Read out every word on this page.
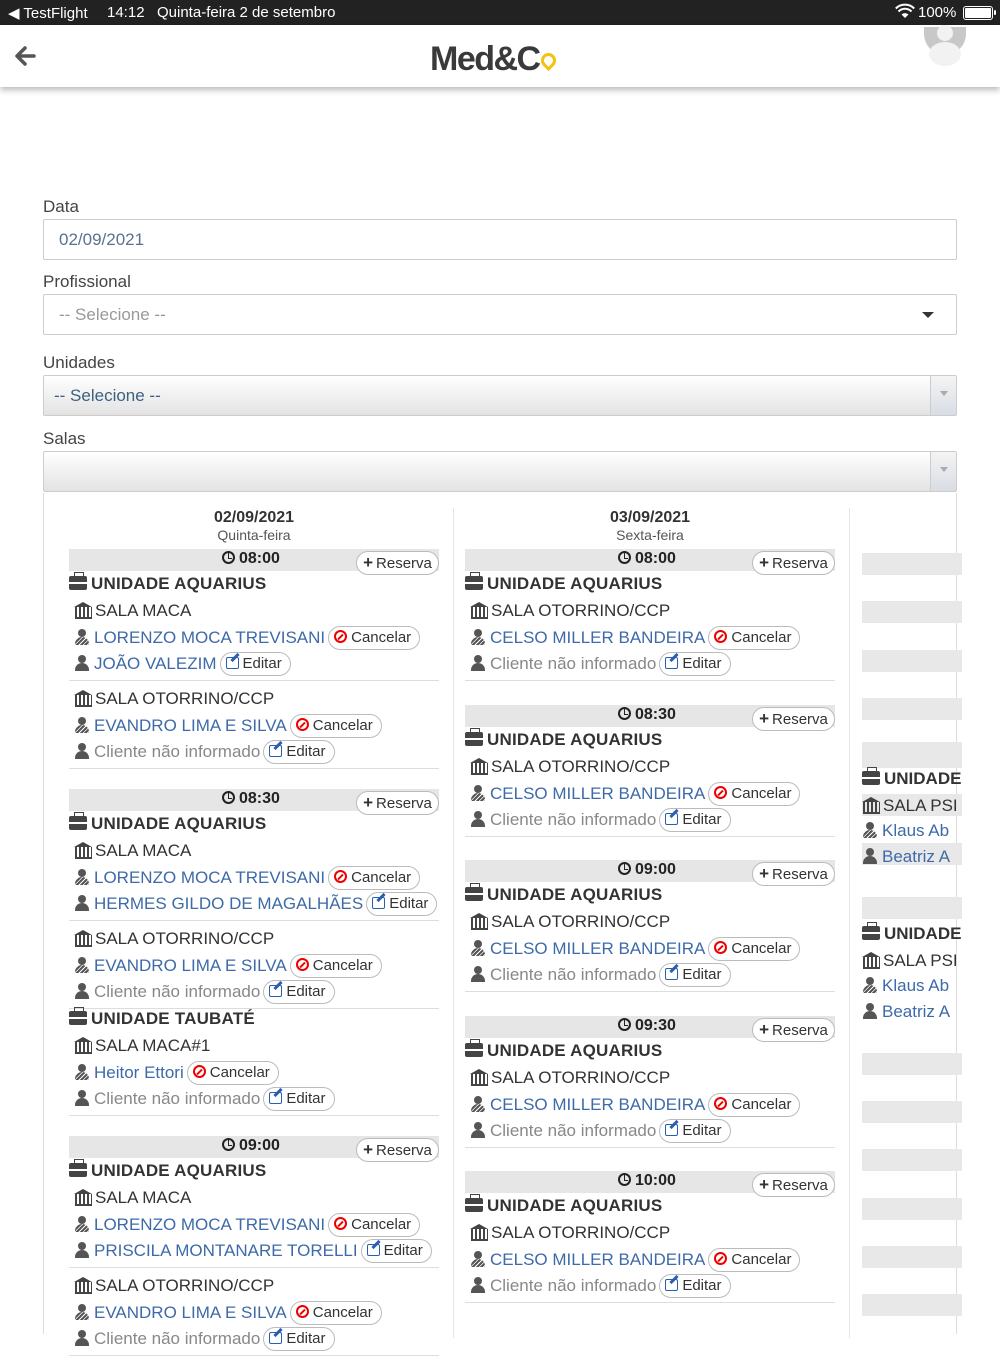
◀ TestFlight 14:12 Quinta-feira 2 de setembro	100%
Med&C
Data
02/09/2021
Profissional
-- Selecione --
Unidades
-- Selecione --
Salas
02/09/2021
Quinta-feira
08:00	+ Reserva
UNIDADE AQUARIUS
SALA MACA
LORENZO MOCA TREVISANI Cancelar
JOÃO VALEZIM Editar
SALA OTORRINO/CCP
EVANDRO LIMA E SILVA Cancelar
Cliente não informado Editar
08:30	+ Reserva
UNIDADE AQUARIUS
SALA MACA
LORENZO MOCA TREVISANI Cancelar
HERMES GILDO DE MAGALHÃES Editar
SALA OTORRINO/CCP
EVANDRO LIMA E SILVA Cancelar
Cliente não informado Editar
UNIDADE TAUBATÉ
SALA MACA#1
Heitor Ettori Cancelar
Cliente não informado Editar
09:00	+ Reserva
UNIDADE AQUARIUS
SALA MACA
LORENZO MOCA TREVISANI Cancelar
PRISCILA MONTANARE TORELLI Editar
SALA OTORRINO/CCP
EVANDRO LIMA E SILVA Cancelar
Cliente não informado Editar
03/09/2021
Sexta-feira
08:00	+ Reserva
UNIDADE AQUARIUS
SALA OTORRINO/CCP
CELSO MILLER BANDEIRA Cancelar
Cliente não informado Editar
08:30	+ Reserva
UNIDADE AQUARIUS
SALA OTORRINO/CCP
CELSO MILLER BANDEIRA Cancelar
Cliente não informado Editar
09:00	+ Reserva
UNIDADE AQUARIUS
SALA OTORRINO/CCP
CELSO MILLER BANDEIRA Cancelar
Cliente não informado Editar
09:30	+ Reserva
UNIDADE AQUARIUS
SALA OTORRINO/CCP
CELSO MILLER BANDEIRA Cancelar
Cliente não informado Editar
10:00	+ Reserva
UNIDADE AQUARIUS
SALA OTORRINO/CCP
CELSO MILLER BANDEIRA Cancelar
Cliente não informado Editar
UNIDADE
SALA PSI
Klaus Ab
Beatriz A
UNIDADE
SALA PSI
Klaus Ab
Beatriz A
